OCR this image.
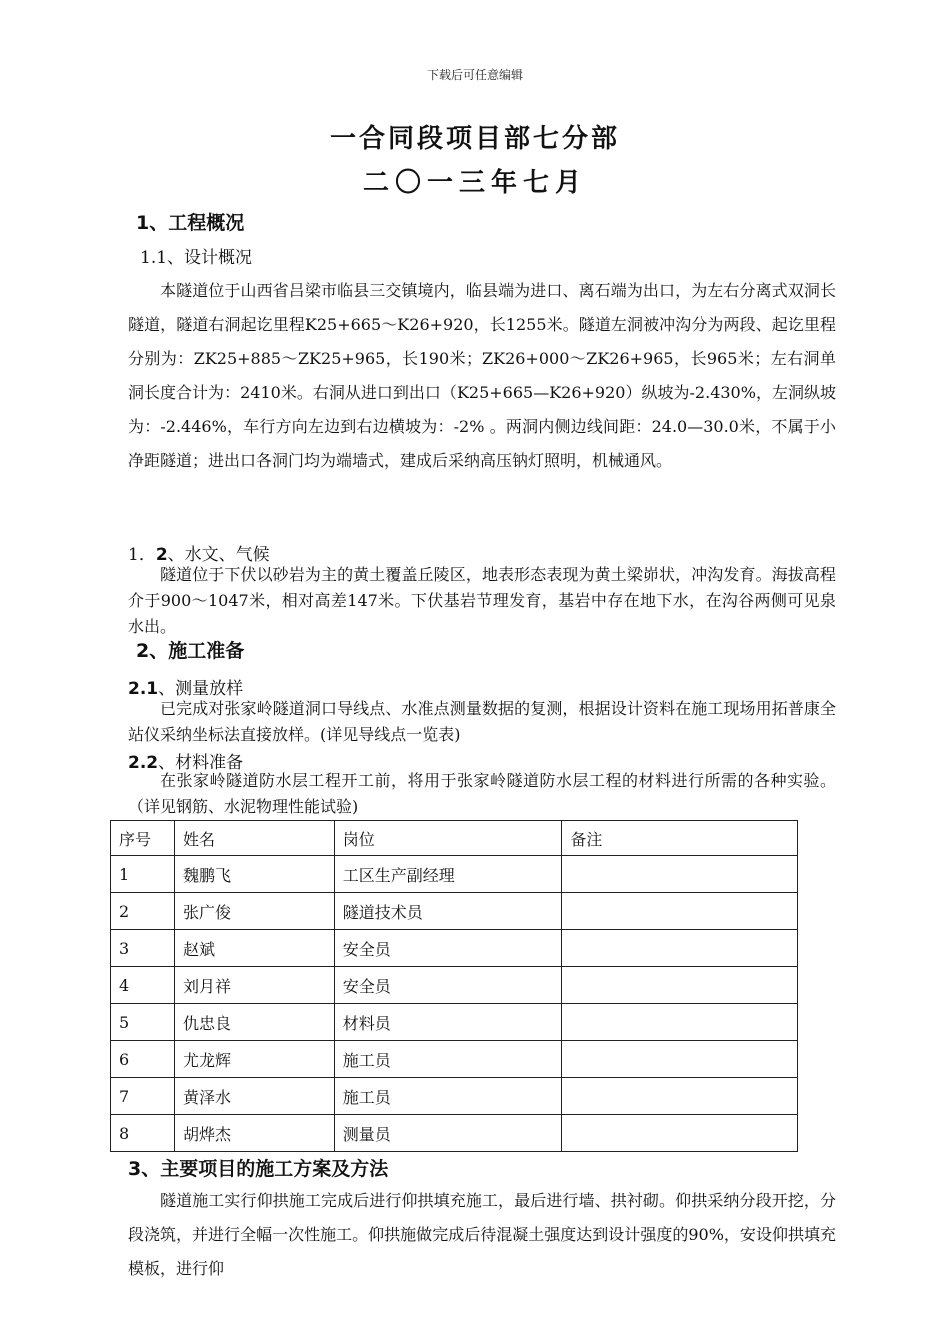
下载后可任意编辑
一合同段项目部七分部
二〇一三年七月
1、工程概况
1.1、设计概况
本隧道位于山西省吕梁市临县三交镇境内，临县端为进口、离石端为出口，为左右分离式双洞长隧道，隧道右洞起讫里程K25+665～K26+920，长1255米。隧道左洞被冲沟分为两段、起讫里程分别为：ZK25+885～ZK25+965，长190米；ZK26+000～ZK26+965，长965米；左右洞单洞长度合计为：2410米。右洞从进口到出口（K25+665—K26+920）纵坡为-2.430%，左洞纵坡为：-2.446%，车行方向左边到右边横坡为：-2% 。两洞内侧边线间距：24.0—30.0米，不属于小净距隧道；进出口各洞门均为端墙式，建成后采纳高压钠灯照明，机械通风。
1．2、水文、气候
隧道位于下伏以砂岩为主的黄土覆盖丘陵区，地表形态表现为黄土梁峁状，冲沟发育。海拔高程介于900～1047米，相对高差147米。下伏基岩节理发育，基岩中存在地下水，在沟谷两侧可见泉水出。
2、施工准备
2.1、测量放样
已完成对张家岭隧道洞口导线点、水准点测量数据的复测，根据设计资料在施工现场用拓普康全站仪采纳坐标法直接放样。(详见导线点一览表)
2.2、材料准备
在张家岭隧道防水层工程开工前，将用于张家岭隧道防水层工程的材料进行所需的各种实验。（详见钢筋、水泥物理性能试验)
序号	姓名	岗位	备注
1	魏鹏飞	工区生产副经理	
2	张广俊	隧道技术员	
3	赵斌	安全员	
4	刘月祥	安全员	
5	仇忠良	材料员	
6	尤龙辉	施工员	
7	黄泽水	施工员	
8	胡烨杰	测量员	
3、主要项目的施工方案及方法
隧道施工实行仰拱施工完成后进行仰拱填充施工，最后进行墙、拱衬砌。仰拱采纳分段开挖，分段浇筑，并进行全幅一次性施工。仰拱施做完成后待混凝土强度达到设计强度的90%，安设仰拱填充模板，进行仰
